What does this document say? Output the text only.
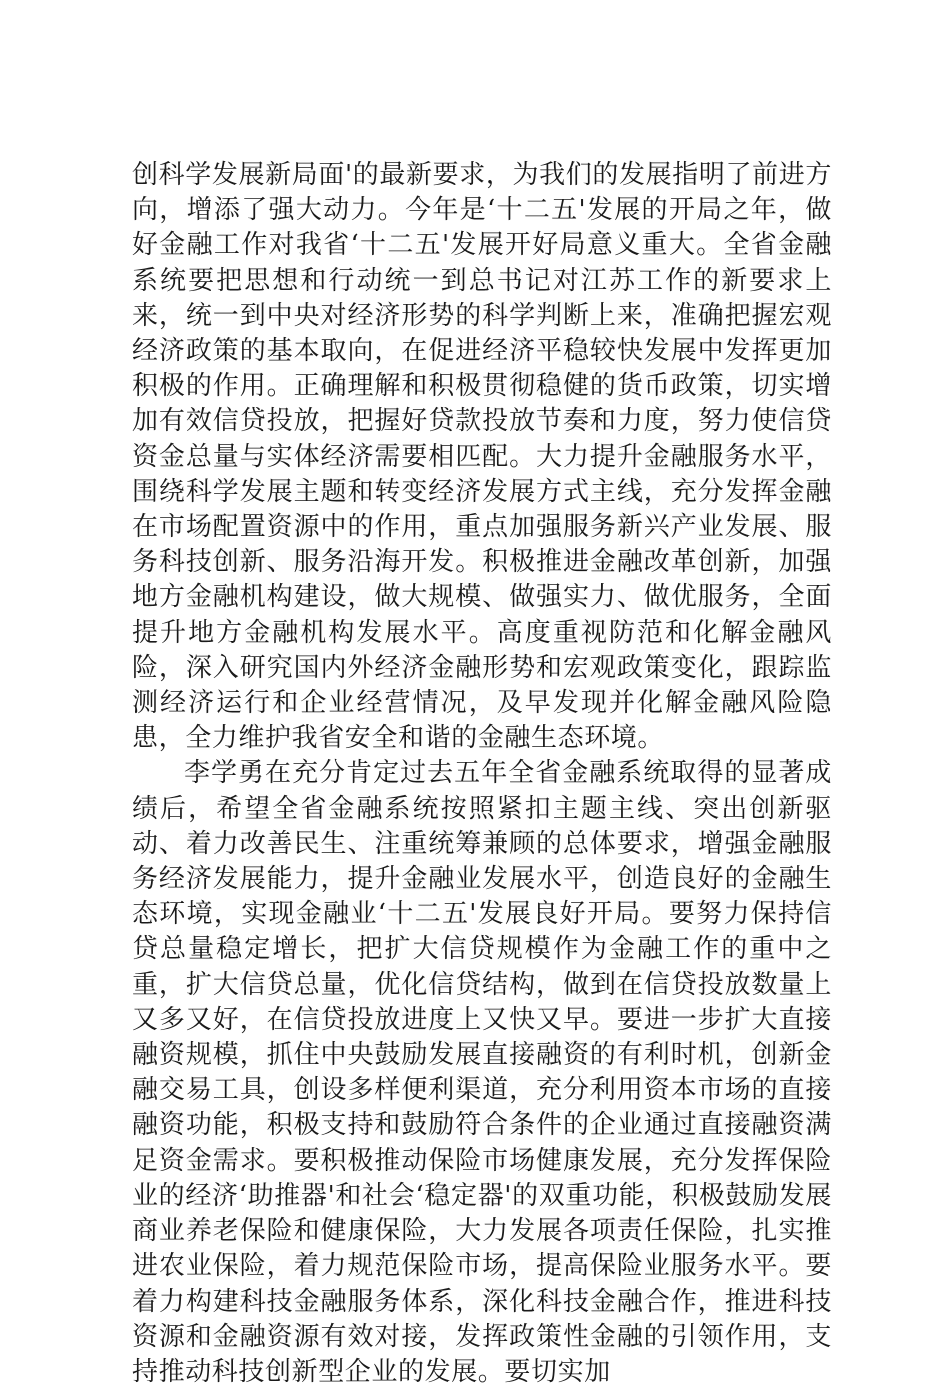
创科学发展新局面'的最新要求，为我们的发展指明了前进方向，增添了强大动力。今年是‘十二五'发展的开局之年，做好金融工作对我省‘十二五'发展开好局意义重大。全省金融系统要把思想和行动统一到总书记对江苏工作的新要求上来，统一到中央对经济形势的科学判断上来，准确把握宏观经济政策的基本取向，在促进经济平稳较快发展中发挥更加积极的作用。正确理解和积极贯彻稳健的货币政策，切实增加有效信贷投放，把握好贷款投放节奏和力度，努力使信贷资金总量与实体经济需要相匹配。大力提升金融服务水平，围绕科学发展主题和转变经济发展方式主线，充分发挥金融在市场配置资源中的作用，重点加强服务新兴产业发展、服务科技创新、服务沿海开发。积极推进金融改革创新，加强地方金融机构建设，做大规模、做强实力、做优服务，全面提升地方金融机构发展水平。高度重视防范和化解金融风险，深入研究国内外经济金融形势和宏观政策变化，跟踪监测经济运行和企业经营情况，及早发现并化解金融风险隐患，全力维护我省安全和谐的金融生态环境。

李学勇在充分肯定过去五年全省金融系统取得的显著成绩后，希望全省金融系统按照紧扣主题主线、突出创新驱动、着力改善民生、注重统筹兼顾的总体要求，增强金融服务经济发展能力，提升金融业发展水平，创造良好的金融生态环境，实现金融业‘十二五'发展良好开局。要努力保持信贷总量稳定增长，把扩大信贷规模作为金融工作的重中之重，扩大信贷总量，优化信贷结构，做到在信贷投放数量上又多又好，在信贷投放进度上又快又早。要进一步扩大直接融资规模，抓住中央鼓励发展直接融资的有利时机，创新金融交易工具，创设多样便利渠道，充分利用资本市场的直接融资功能，积极支持和鼓励符合条件的企业通过直接融资满足资金需求。要积极推动保险市场健康发展，充分发挥保险业的经济‘助推器'和社会‘稳定器'的双重功能，积极鼓励发展商业养老保险和健康保险，大力发展各项责任保险，扎实推进农业保险，着力规范保险市场，提高保险业服务水平。要着力构建科技金融服务体系，深化科技金融合作，推进科技资源和金融资源有效对接，发挥政策性金融的引领作用，支持推动科技创新型企业的发展。要切实加
